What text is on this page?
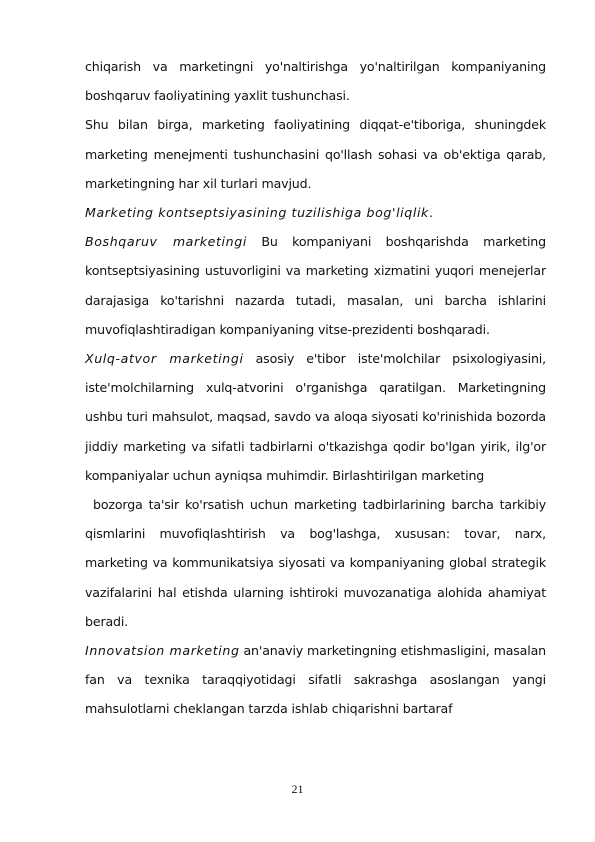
chiqarish va marketingni yo'naltirishga yo'naltirilgan kompaniyaning boshqaruv faoliyatining yaxlit tushunchasi.

Shu bilan birga, marketing faoliyatining diqqat-e'tiboriga, shuningdek marketing menejmenti tushunchasini qo'llash sohasi va ob'ektiga qarab, marketingning har xil turlari mavjud.

Marketing kontseptsiyasining tuzilishiga bog'liqlik.

Boshqaruv marketingi Bu kompaniyani boshqarishda marketing kontseptsiyasining ustuvorligini va marketing xizmatini yuqori menejerlar darajasiga ko'tarishni nazarda tutadi, masalan, uni barcha ishlarini muvofiqlashtiradigan kompaniyaning vitse-prezidenti boshqaradi.

Xulq-atvor marketingi asosiy e'tibor iste'molchilar psixologiyasini, iste'molchilarning xulq-atvorini o'rganishga qaratilgan. Marketingning ushbu turi mahsulot, maqsad, savdo va aloqa siyosati ko'rinishida bozorda jiddiy marketing va sifatli tadbirlarni o'tkazishga qodir bo'lgan yirik, ilg'or kompaniyalar uchun ayniqsa muhimdir. Birlashtirilgan marketing

bozorga ta'sir ko'rsatish uchun marketing tadbirlarining barcha tarkibiy qismlarini muvofiqlashtirish va bog'lashga, xususan: tovar, narx, marketing va kommunikatsiya siyosati va kompaniyaning global strategik vazifalarini hal etishda ularning ishtiroki muvozanatiga alohida ahamiyat beradi.

Innovatsion marketing an'anaviy marketingning etishmasligini, masalan fan va texnika taraqqiyotidagi sifatli sakrashga asoslangan yangi mahsulotlarni cheklangan tarzda ishlab chiqarishni bartaraf

21
